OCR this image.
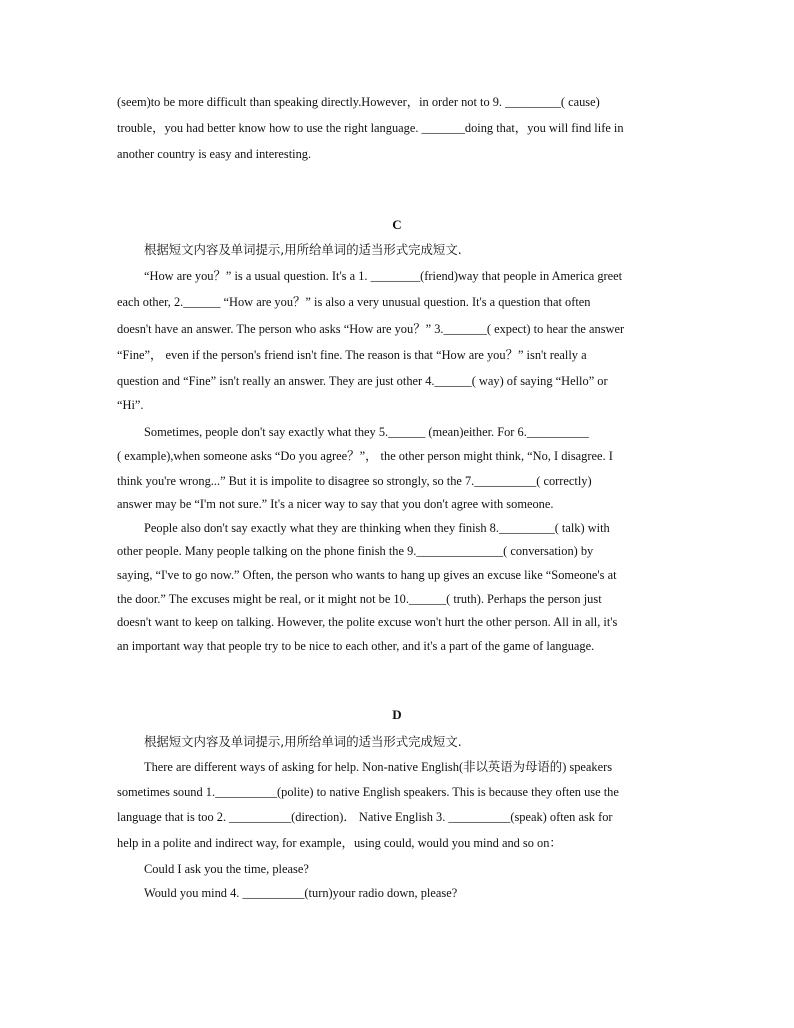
(seem)to be more difficult than speaking directly.However，in order not to 9. _________( cause)
trouble，you had better know how to use the right language. _______doing that，you will find life in
another country is easy and interesting.
C
根据短文内容及单词提示,用所给单词的适当形式完成短文.
“How are you？” is a usual question. It's a 1. ________(friend)way that people in America greet
each other, 2.______ “How are you？” is also a very unusual question. It's a question that often
doesn't have an answer. The person who asks “How are you？” 3._______( expect) to hear the answer
“Fine”， even if the person's friend isn't fine. The reason is that “How are you？” isn't really a
question and “Fine” isn't really an answer. They are just other 4.______( way) of saying “Hello” or
“Hi”.
Sometimes, people don't say exactly what they 5.______ (mean)either. For 6.__________
( example),when someone asks “Do you agree？”， the other person might think, “No, I disagree. I
think you're wrong...” But it is impolite to disagree so strongly, so the 7.__________( correctly)
answer may be “I'm not sure.” It's a nicer way to say that you don't agree with someone.
People also don't say exactly what they are thinking when they finish 8._________( talk) with
other people. Many people talking on the phone finish the 9.______________( conversation) by
saying, “I've to go now.” Often, the person who wants to hang up gives an excuse like “Someone's at
the door.” The excuses might be real, or it might not be 10.______( truth). Perhaps the person just
doesn't want to keep on talking. However, the polite excuse won't hurt the other person. All in all, it's
an important way that people try to be nice to each other, and it's a part of the game of language.
D
根据短文内容及单词提示,用所给单词的适当形式完成短文.
There are different ways of asking for help. Non-native English(非以英语为母语的) speakers
sometimes sound 1.__________(polite) to native English speakers. This is because they often use the
language that is too 2. __________(direction)． Native English 3. __________(speak) often ask for
help in a polite and indirect way, for example，using could, would you mind and so on：
Could I ask you the time, please?
Would you mind 4. __________(turn)your radio down, please?
